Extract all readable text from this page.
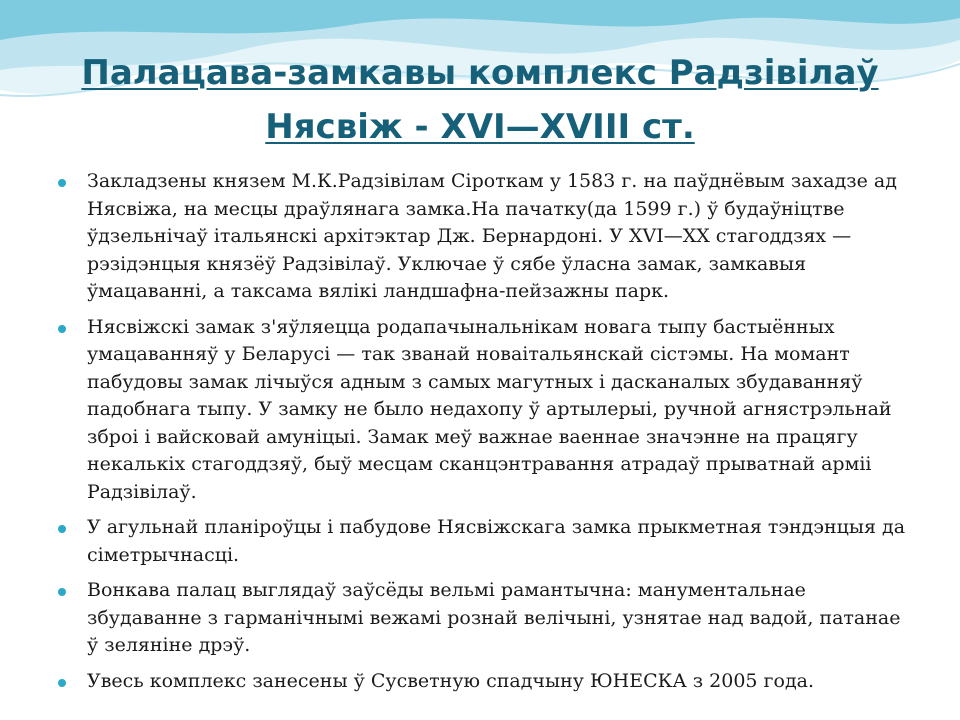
Палацава-замкавы комплекс Радзівілаў
Нясвіж - XVI—XVIII ст.
Закладзены князем М.К.Радзівілам Сіроткам у 1583 г. на паўднёвым захадзе ад Нясвіжа, на месцы драўлянага замка.На пачатку(да 1599 г.) ў будаўніцтве ўдзельнічаў італьянскі архітэктар Дж. Бернардоні. У XVI—XX стагоддзях — рэзідэнцыя князёў Радзівілаў. Уключае ў сябе ўласна замак, замкавыя ўмацаванні, а таксама вялікі ландшафна-пейзажны парк.
Нясвіжскі замак з'яўляецца родапачынальнікам новага тыпу бастыённых умацаванняў у Беларусі — так званай новаітальянскай сістэмы. На момант пабудовы замак лічыўся адным з самых магутных і дасканалых збудаванняў падобнага тыпу. У замку не было недахопу ў артылерыі, ручной агнястрэльнай зброі і вайсковай амуніцыі. Замак меў важнае ваеннае значэнне на працягу некалькіх стагоддзяў, быў месцам сканцэнтравання атрадаў прыватнай арміі Радзівілаў.
У агульнай планіроўцы і пабудове Нясвіжскага замка прыкметная тэндэнцыя да сіметрычнасці.
Вонкава палац выглядаў заўсёды вельмі рамантычна: манументальнае збудаванне з гарманічнымі вежамі рознай велічыні, узнятае над вадой, патанае ў зеляніне дрэў.
Увесь комплекс занесены ў Сусветную спадчыну ЮНЕСКА з 2005 года.
